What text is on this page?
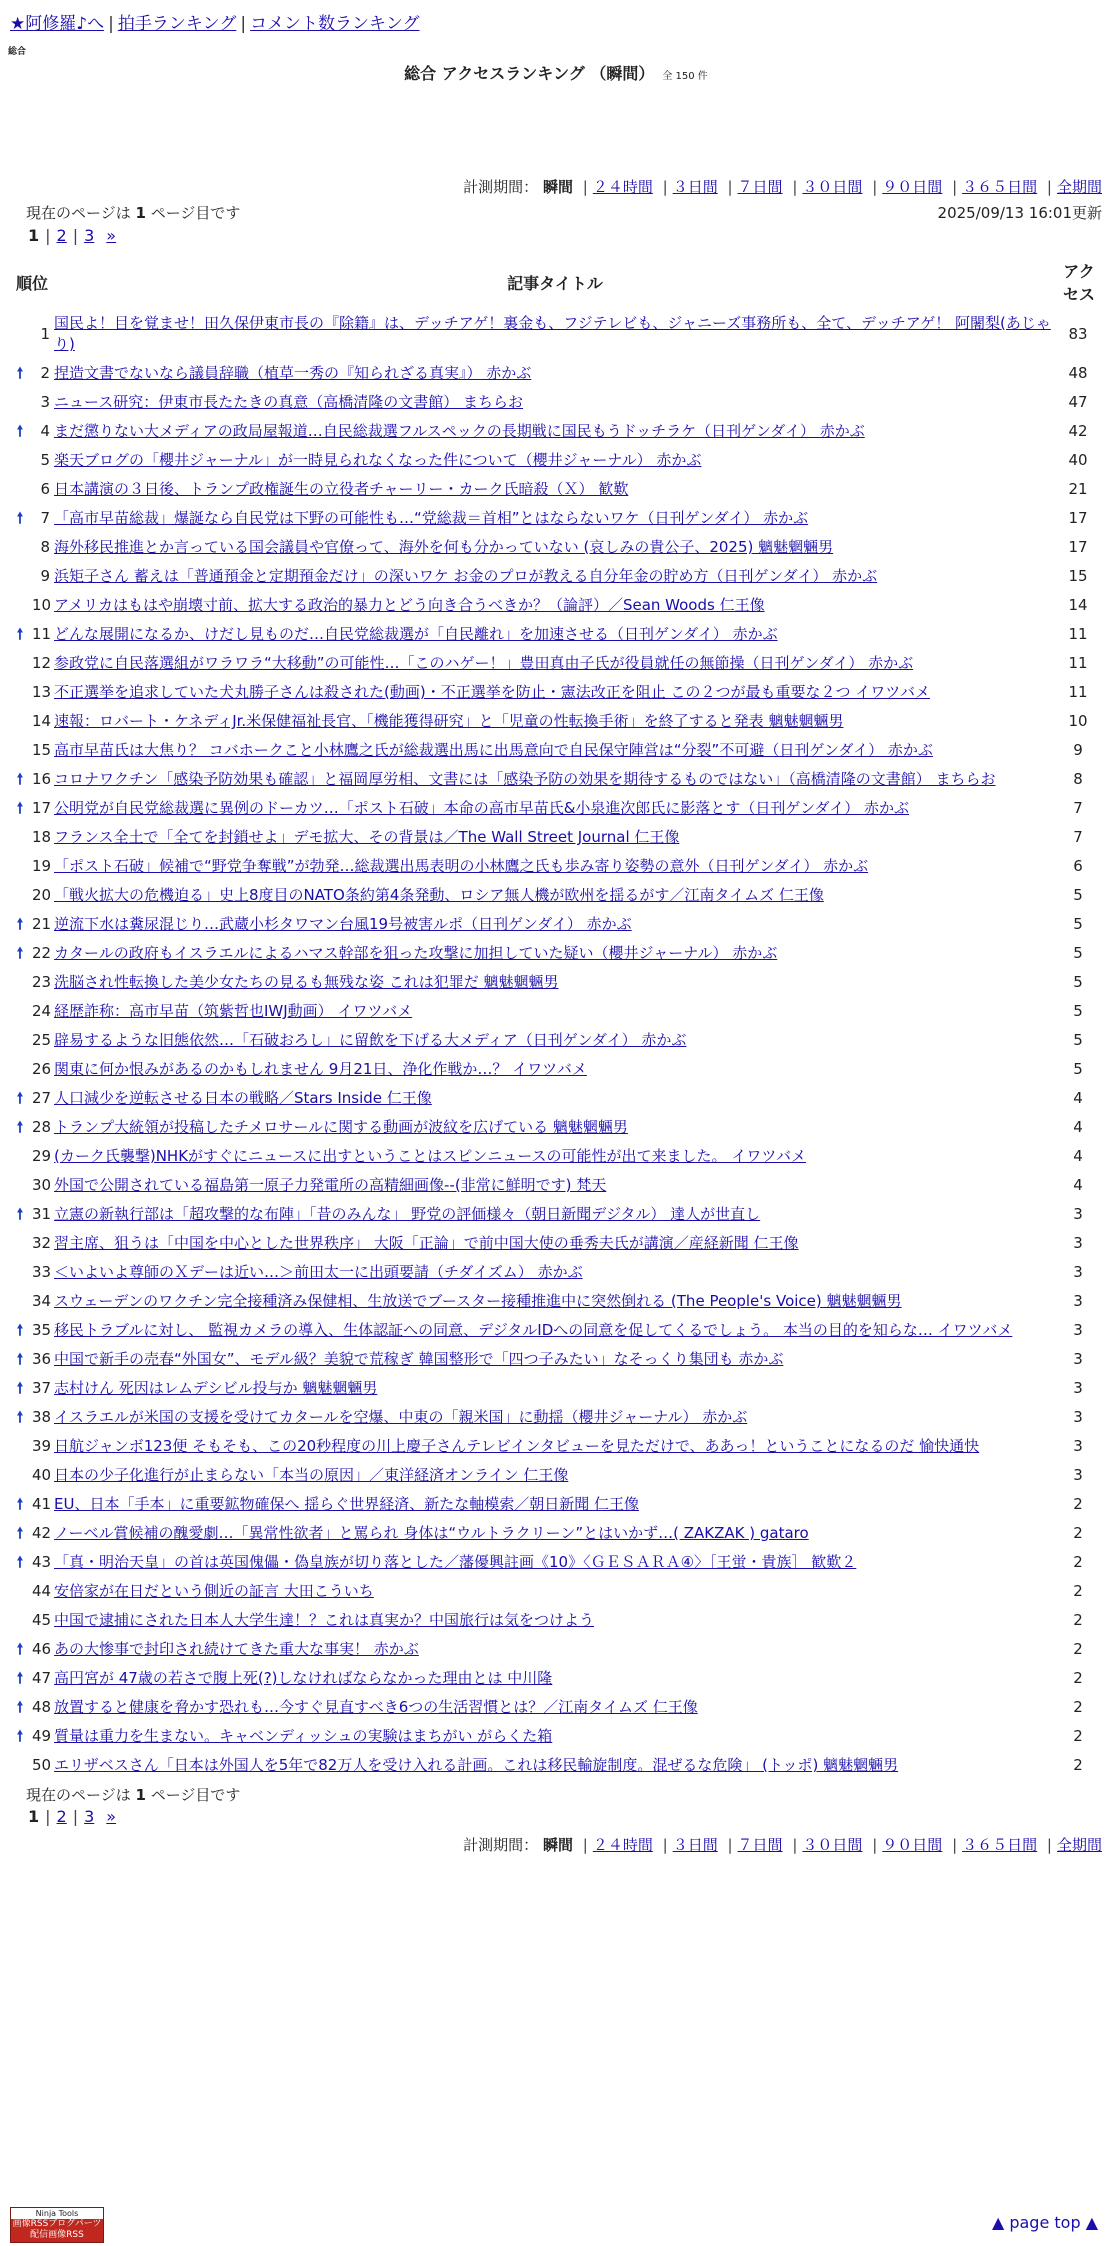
★阿修羅♪へ | 拍手ランキング | コメント数ランキング
総合
総合 アクセスランキング （瞬間） 全 150 件
計測期間： 瞬間 | ２４時間 | ３日間 | ７日間 | ３０日間 | ９０日間 | ３６５日間 | 全期間
現在のページは 1 ページ目です	2025/09/13 16:01更新
1 | 2 | 3 »
順位		記事タイトル	アクセス
	1	国民よ！目を覚ませ！田久保伊東市長の『除籍』は、デッチアゲ！裏金も、フジテレビも、ジャニーズ事務所も、全て、デッチアゲ！ 阿闍梨(あじゃり)	83
🠕	2	捏造文書でないなら議員辞職（植草一秀の『知られざる真実』） 赤かぶ	48
	3	ニュース研究：伊東市長たたきの真意（高橋清隆の文書館） まちらお	47
🠕	4	まだ懲りない大メディアの政局屋報道…自民総裁選フルスペックの長期戦に国民もうドッチラケ（日刊ゲンダイ） 赤かぶ	42
	5	楽天ブログの「櫻井ジャーナル」が一時見られなくなった件について（櫻井ジャーナル） 赤かぶ	40
	6	日本講演の３日後、トランプ政権誕生の立役者チャーリー・カーク氏暗殺（Ｘ） 歓歎	21
🠕	7	「高市早苗総裁」爆誕なら自民党は下野の可能性も…“党総裁＝首相”とはならないワケ（日刊ゲンダイ） 赤かぶ	17
	8	海外移民推進とか言っている国会議員や官僚って、海外を何も分かっていない (哀しみの貴公子、2025) 魑魅魍魎男	17
	9	浜矩子さん 蓄えは「普通預金と定期預金だけ」の深いワケ お金のプロが教える自分年金の貯め方（日刊ゲンダイ） 赤かぶ	15
	10	アメリカはもはや崩壊寸前、拡大する政治的暴力とどう向き合うべきか？（論評）／Sean Woods 仁王像	14
🠕	11	どんな展開になるか、けだし見ものだ…自民党総裁選が「自民離れ」を加速させる（日刊ゲンダイ） 赤かぶ	11
	12	参政党に自民落選組がワラワラ“大移動”の可能性…「このハゲー！」豊田真由子氏が役員就任の無節操（日刊ゲンダイ） 赤かぶ	11
	13	不正選挙を追求していた犬丸勝子さんは殺された(動画)・不正選挙を防止・憲法改正を阻止 この２つが最も重要な２つ イワツバメ	11
	14	速報：ロバート・ケネディJr.米保健福祉長官、「機能獲得研究」と「児童の性転換手術」を終了すると発表 魑魅魍魎男	10
	15	高市早苗氏は大焦り？ コバホークこと小林鷹之氏が総裁選出馬に出馬意向で自民保守陣営は“分裂”不可避（日刊ゲンダイ） 赤かぶ	9
🠕	16	コロナワクチン「感染予防効果も確認」と福岡厚労相、文書には「感染予防の効果を期待するものではない」（高橋清隆の文書館） まちらお	8
🠕	17	公明党が自民党総裁選に異例のドーカツ…「ポスト石破」本命の高市早苗氏&小泉進次郎氏に影落とす（日刊ゲンダイ） 赤かぶ	7
	18	フランス全土で「全てを封鎖せよ」デモ拡大、その背景は／The Wall Street Journal 仁王像	7
	19	「ポスト石破」候補で“野党争奪戦”が勃発…総裁選出馬表明の小林鷹之氏も歩み寄り姿勢の意外（日刊ゲンダイ） 赤かぶ	6
	20	「戦火拡大の危機迫る」史上8度目のNATO条約第4条発動、ロシア無人機が欧州を揺るがす／江南タイムズ 仁王像	5
🠕	21	逆流下水は糞尿混じり…武蔵小杉タワマン台風19号被害ルポ（日刊ゲンダイ） 赤かぶ	5
🠕	22	カタールの政府もイスラエルによるハマス幹部を狙った攻撃に加担していた疑い（櫻井ジャーナル） 赤かぶ	5
	23	洗脳され性転換した美少女たちの見るも無残な姿 これは犯罪だ 魑魅魍魎男	5
	24	経歴詐称：高市早苗（筑紫哲也IWJ動画） イワツバメ	5
	25	辟易するような旧態依然…「石破おろし」に留飲を下げる大メディア（日刊ゲンダイ） 赤かぶ	5
	26	関東に何か恨みがあるのかもしれません 9月21日、浄化作戦か…？ イワツバメ	5
🠕	27	人口減少を逆転させる日本の戦略／Stars Inside 仁王像	4
🠕	28	トランプ大統領が投稿したチメロサールに関する動画が波紋を広げている 魑魅魍魎男	4
	29	(カーク氏襲撃)NHKがすぐにニュースに出すということはスピンニュースの可能性が出て来ました。 イワツバメ	4
	30	外国で公開されている福島第一原子力発電所の高精細画像--(非常に鮮明です) 梵天	4
🠕	31	立憲の新執行部は「超攻撃的な布陣」「昔のみんな」 野党の評価様々（朝日新聞デジタル） 達人が世直し	3
	32	習主席、狙うは「中国を中心とした世界秩序」 大阪「正論」で前中国大使の垂秀夫氏が講演／産経新聞 仁王像	3
	33	＜いよいよ尊師のＸデーは近い…＞前田太一に出頭要請（チダイズム） 赤かぶ	3
	34	スウェーデンのワクチン完全接種済み保健相、生放送でブースター接種推進中に突然倒れる (The People's Voice) 魑魅魍魎男	3
🠕	35	移民トラブルに対し、 監視カメラの導入、生体認証への同意、デジタルIDへの同意を促してくるでしょう。 本当の目的を知らな… イワツバメ	3
🠕	36	中国で新手の売春“外国女”、モデル級？美貌で荒稼ぎ 韓国整形で「四つ子みたい」なそっくり集団も 赤かぶ	3
🠕	37	志村けん 死因はレムデシビル投与か 魑魅魍魎男	3
🠕	38	イスラエルが米国の支援を受けてカタールを空爆、中東の「親米国」に動揺（櫻井ジャーナル） 赤かぶ	3
	39	日航ジャンボ123便 そもそも、この20秒程度の川上慶子さんテレビインタビューを見ただけで、ああっ！ということになるのだ 愉快通快	3
	40	日本の少子化進行が止まらない「本当の原因」／東洋経済オンライン 仁王像	3
🠕	41	EU、日本「手本」に重要鉱物確保へ 揺らぐ世界経済、新たな軸模索／朝日新聞 仁王像	2
🠕	42	ノーベル賞候補の醜愛劇…「異常性欲者」と罵られ 身体は“ウルトラクリーン”とはいかず…( ZAKZAK ) gataro	2
🠕	43	「真・明治天皇」の首は英国傀儡・偽皇族が切り落とした／藩優興註画《10》〈ＧＥＳＡＲＡ④〉［王蛍・貴族］ 歓歎２	2
	44	安倍家が在日だという側近の証言 大田こういち	2
	45	中国で逮捕にされた日本人大学生達！？これは真実か？中国旅行は気をつけよう	2
🠕	46	あの大惨事で封印され続けてきた重大な事実！ 赤かぶ	2
🠕	47	高円宮が 47歳の若さで腹上死(?)しなければならなかった理由とは 中川隆	2
🠕	48	放置すると健康を脅かす恐れも…今すぐ見直すべき6つの生活習慣とは？／江南タイムズ 仁王像	2
🠕	49	質量は重力を生まない。キャベンディッシュの実験はまちがい がらくた箱	2
	50	エリザベスさん「日本は外国人を5年で82万人を受け入れる計画。これは移民輸旋制度。混ぜるな危険」 (トッポ) 魑魅魍魎男	2
計測期間： 瞬間 | ２４時間 | ３日間 | ７日間 | ３０日間 | ９０日間 | ３６５日間 | 全期間
現在のページは 1 ページ目です
1 | 2 | 3 »
Ninja Tools
画像RSSブログパーツ
配信画像RSS
▲ page top ▲
